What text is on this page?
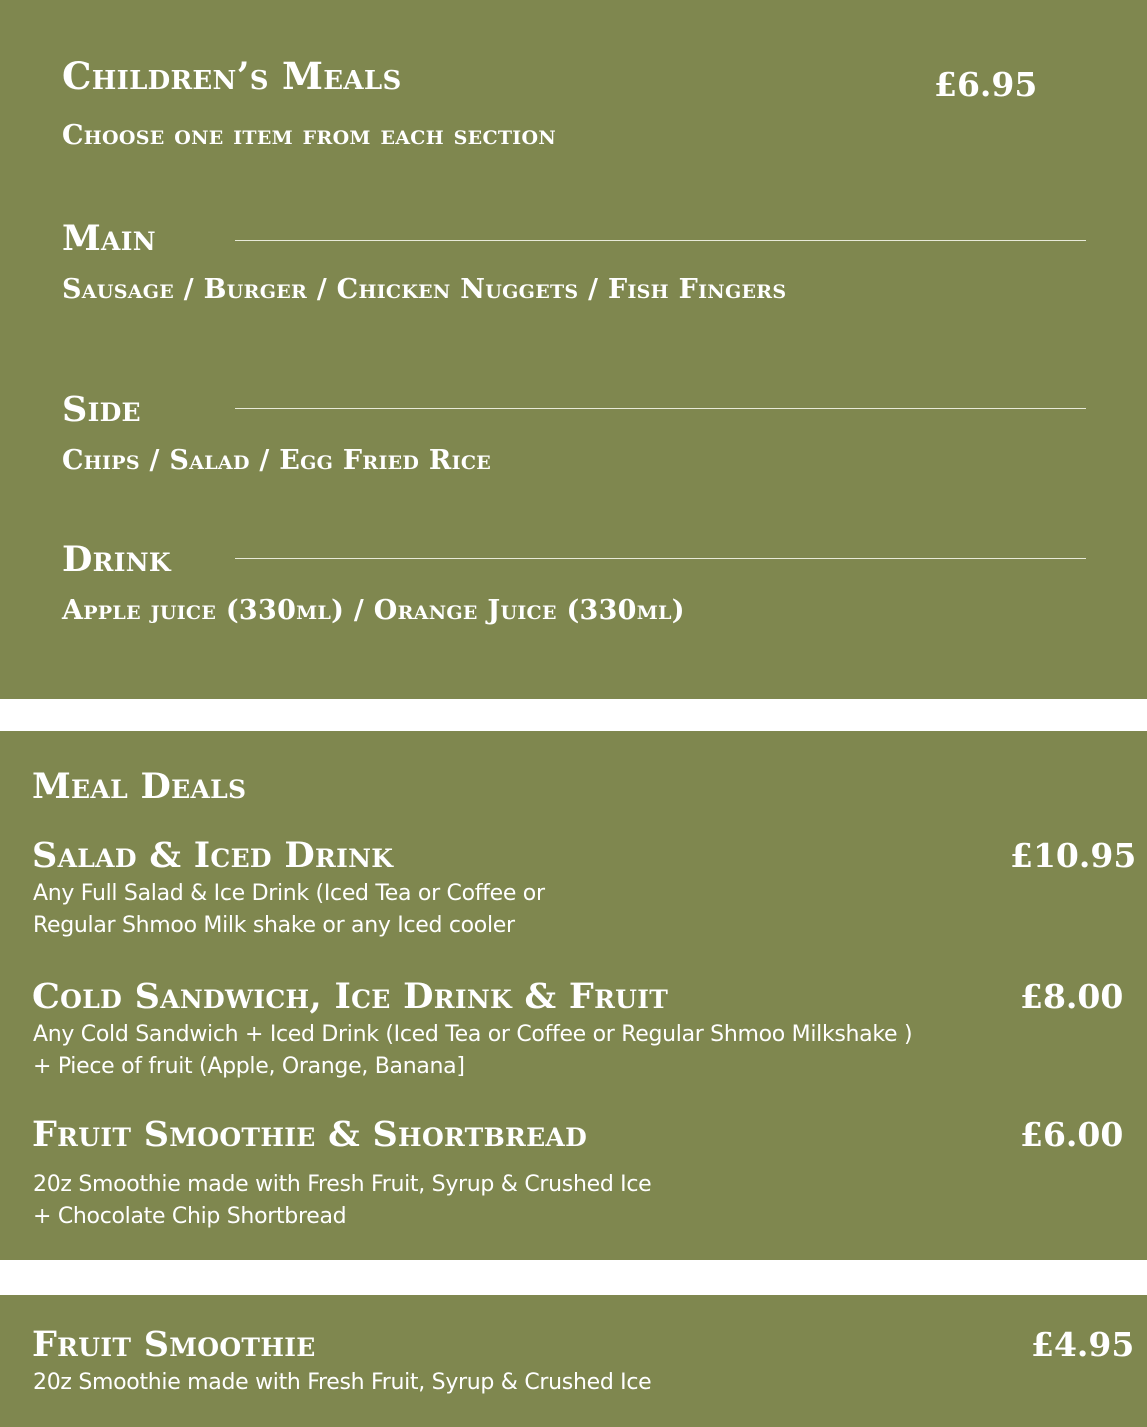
Children’s Meals	£6.95
Choose one item from each section
Main
Sausage / Burger / Chicken Nuggets / Fish Fingers
Side
Chips / Salad / Egg Fried Rice
Drink
Apple juice (330ml) / Orange Juice (330ml)
Meal Deals
Salad & Iced Drink	£10.95
Any Full Salad & Ice Drink (Iced Tea or Coffee or
Regular Shmoo Milk shake or any Iced cooler
Cold Sandwich, Ice Drink & Fruit	£8.00
Any Cold Sandwich + Iced Drink (Iced Tea or Coffee or Regular Shmoo Milkshake )
+ Piece of fruit (Apple, Orange, Banana]
Fruit Smoothie & Shortbread	£6.00
20z Smoothie made with Fresh Fruit, Syrup & Crushed Ice
+ Chocolate Chip Shortbread
Fruit Smoothie	£4.95
20z Smoothie made with Fresh Fruit, Syrup & Crushed Ice
